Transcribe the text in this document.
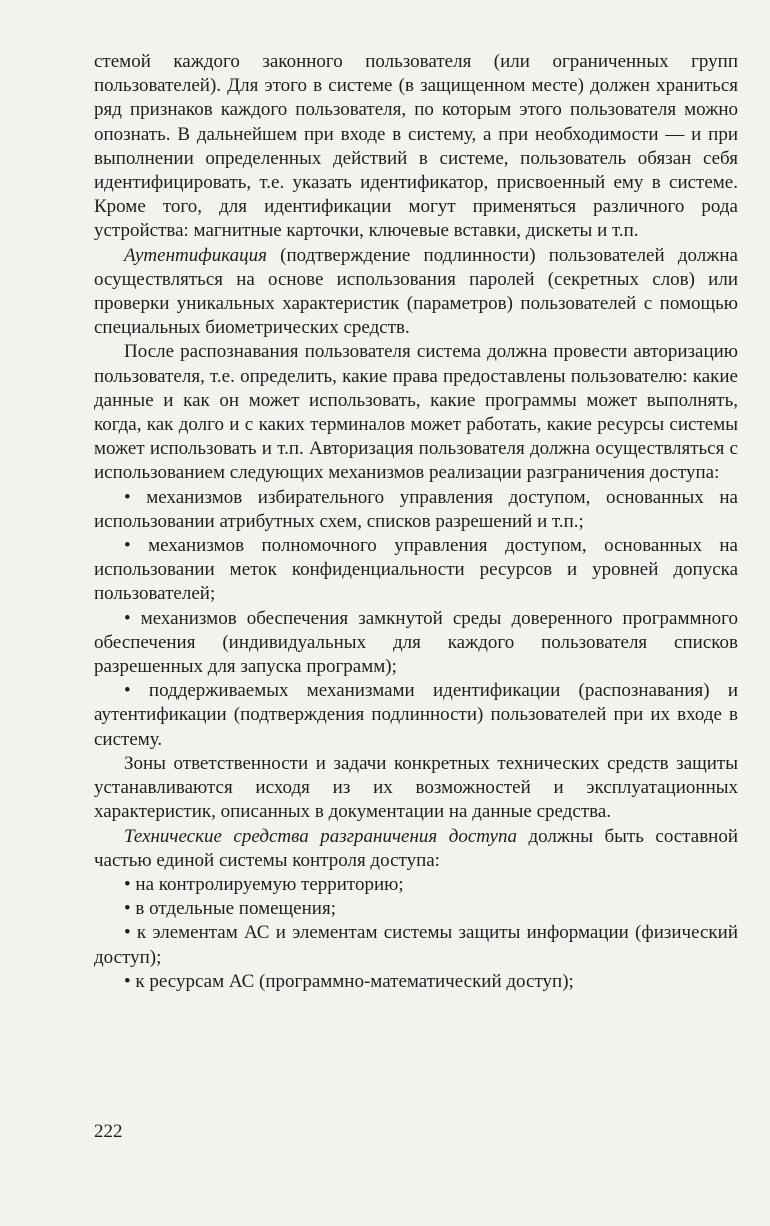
стемой каждого законного пользователя (или ограниченных групп пользователей). Для этого в системе (в защищенном месте) должен храниться ряд признаков каждого пользователя, по которым этого пользователя можно опознать. В дальнейшем при входе в систему, а при необходимости — и при выполнении определенных действий в системе, пользователь обязан себя идентифицировать, т.е. указать идентификатор, присвоенный ему в системе. Кроме того, для идентификации могут применяться различного рода устройства: магнитные карточки, ключевые вставки, дискеты и т.п.

Аутентификация (подтверждение подлинности) пользователей должна осуществляться на основе использования паролей (секретных слов) или проверки уникальных характеристик (параметров) пользователей с помощью специальных биометрических средств.

После распознавания пользователя система должна провести авторизацию пользователя, т.е. определить, какие права предоставлены пользователю: какие данные и как он может использовать, какие программы может выполнять, когда, как долго и с каких терминалов может работать, какие ресурсы системы может использовать и т.п. Авторизация пользователя должна осуществляться с использованием следующих механизмов реализации разграничения доступа:

• механизмов избирательного управления доступом, основанных на использовании атрибутных схем, списков разрешений и т.п.;

• механизмов полномочного управления доступом, основанных на использовании меток конфиденциальности ресурсов и уровней допуска пользователей;

• механизмов обеспечения замкнутой среды доверенного программного обеспечения (индивидуальных для каждого пользователя списков разрешенных для запуска программ);

• поддерживаемых механизмами идентификации (распознавания) и аутентификации (подтверждения подлинности) пользователей при их входе в систему.

Зоны ответственности и задачи конкретных технических средств защиты устанавливаются исходя из их возможностей и эксплуатационных характеристик, описанных в документации на данные средства.

Технические средства разграничения доступа должны быть составной частью единой системы контроля доступа:

• на контролируемую территорию;

• в отдельные помещения;

• к элементам АС и элементам системы защиты информации (физический доступ);

• к ресурсам АС (программно-математический доступ);

222
